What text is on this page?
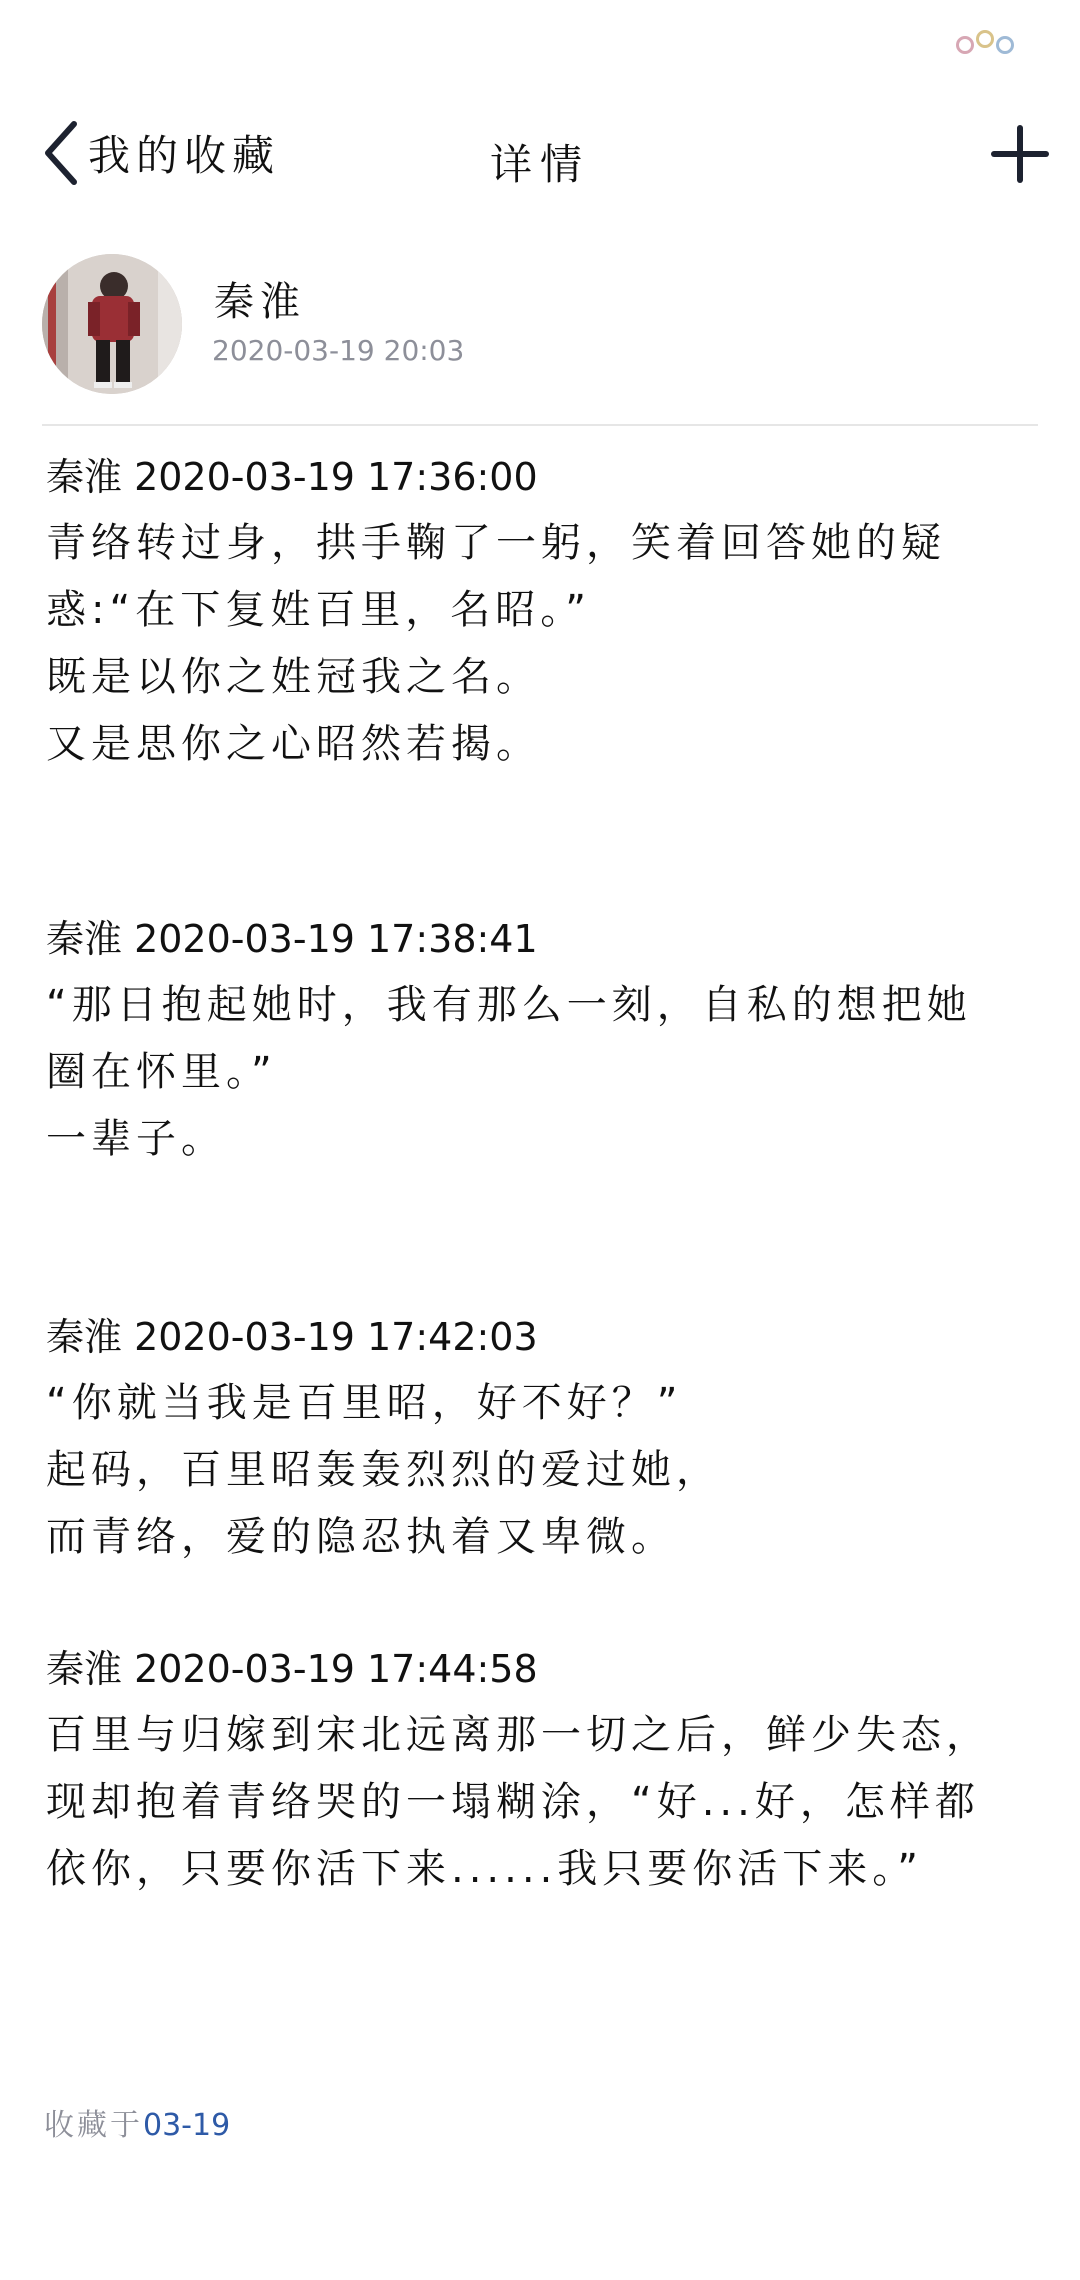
我的收藏	详情
秦淮
2020-03-19 20:03
秦淮 2020-03-19 17:36:00
青络转过身，拱手鞠了一躬，笑着回答她的疑
惑:“在下复姓百里，名昭。”
既是以你之姓冠我之名。
又是思你之心昭然若揭。
秦淮 2020-03-19 17:38:41
“那日抱起她时，我有那么一刻，自私的想把她
圈在怀里。”
一辈子。
秦淮 2020-03-19 17:42:03
“你就当我是百里昭，好不好？”
起码，百里昭轰轰烈烈的爱过她，
而青络，爱的隐忍执着又卑微。
秦淮 2020-03-19 17:44:58
百里与归嫁到宋北远离那一切之后，鲜少失态，
现却抱着青络哭的一塌糊涂，“好...好，怎样都
依你，只要你活下来......我只要你活下来。”
收藏于03-19
